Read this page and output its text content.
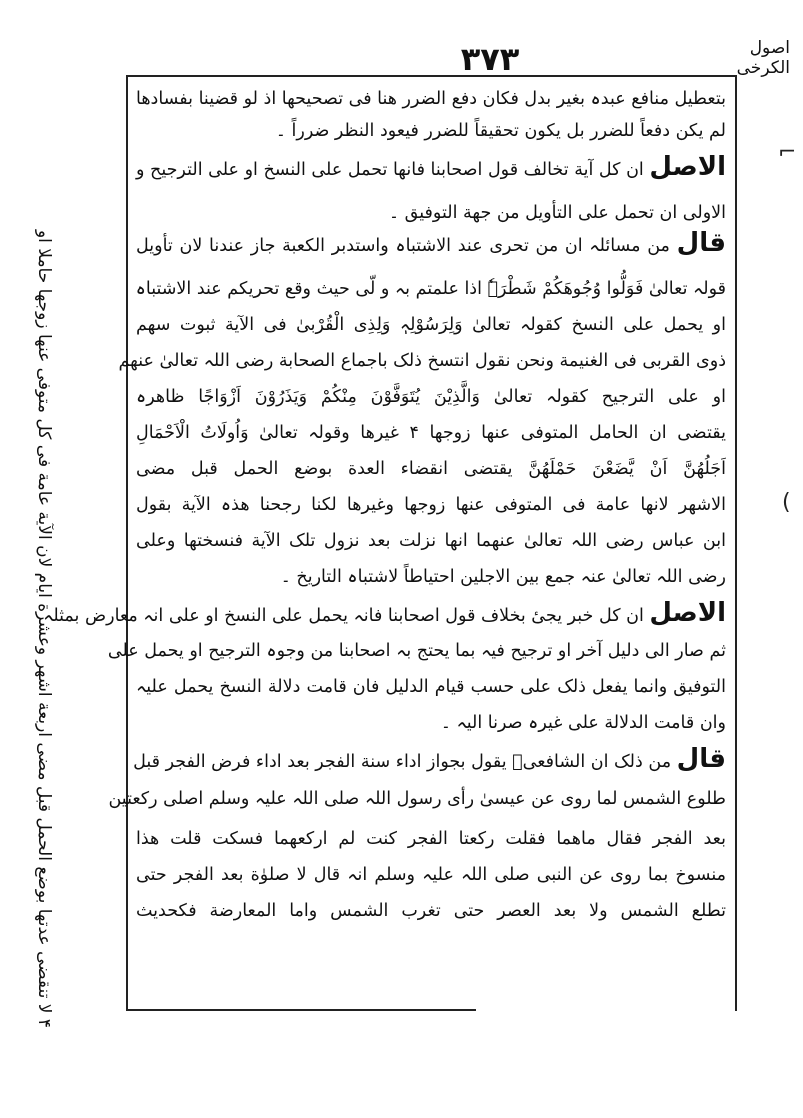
اصول الکرخی
۳۷۳
۴ لا تنقضی عدتها بوضع الحمل قبل مضی اربعة اشهر وعشرة ایام لان الآیة عامة فی کل متوفی عنها زوجها حاملا او
⌐
(
بتعطیل منافع عبدہ بغیر بدل فکان دفع الضرر ھنا فی تصحیحھا اذ لو قضینا بفسادھا
لم یکن دفعاً للضرر بل یکون تحقیقاً للضرر فیعود النظر ضرراً ۔
الاصل ان کل آیة تخالف قول اصحابنا فانھا تحمل علی النسخ او علی الترجیح و
الاولی ان تحمل علی التأویل من جھة التوفیق ۔
قال من مسائلہ ان من تحری عند الاشتباہ واستدبر الکعبة جاز عندنا لان تأویل
قولہ تعالیٰ فَوَلُّوا وُجُوھَکُمْ شَطْرَہٗ اذا علمتم بہ و لّی حیث وقع تحریکم عند الاشتباہ
او یحمل علی النسخ کقولہ تعالیٰ وَلِرَسُوْلِہٖ وَلِذِی الْقُرْبیٰ فی الآیة ثبوت سھم
ذوی القربی فی الغنیمة ونحن نقول انتسخ ذلک باجماع الصحابة رضی اللہ تعالیٰ عنھم
او علی الترجیح کقولہ تعالیٰ وَالَّذِیْنَ یُتَوَفَّوْنَ مِنْکُمْ وَیَذَرُوْنَ اَزْوَاجًا ظاھرہ
یقتضی ان الحامل المتوفی عنھا زوجھا ۴ غیرھا وقولہ تعالیٰ وَاُولَاتُ الْاَحْمَالِ
اَجَلُھُنَّ اَنْ یَّضَعْنَ حَمْلَھُنَّ یقتضی انقضاء العدة بوضع الحمل قبل مضی
الاشھر لانھا عامة فی المتوفی عنھا زوجھا وغیرھا لکنا رجحنا ھذہ الآیة بقول
ابن عباس رضی اللہ تعالیٰ عنھما انھا نزلت بعد نزول تلک الآیة فنسختھا وعلی
رضی اللہ تعالیٰ عنہ جمع بین الاجلین احتیاطاً لاشتباہ التاریخ ۔
الاصل ان کل خبر یجیٔ بخلاف قول اصحابنا فانہ یحمل علی النسخ او علی انہ معارض بمثلہ
ثم صار الی دلیل آخر او ترجیح فیہ بما یحتج بہ اصحابنا من وجوہ الترجیح او یحمل علی
التوفیق وانما یفعل ذلک علی حسب قیام الدلیل فان قامت دلالة النسخ یحمل علیہ
وان قامت الدلالة علی غیرہ صرنا الیہ ۔
قال من ذلک ان الشافعیؒ یقول بجواز اداء سنة الفجر بعد اداء فرض الفجر قبل
طلوع الشمس لما روی عن عیسیٰ رأی رسول اللہ صلی اللہ علیہ وسلم اصلی رکعتین
بعد الفجر فقال ماھما فقلت رکعتا الفجر کنت لم ارکعھما فسکت قلت ھذا
منسوخ بما روی عن النبی صلی اللہ علیہ وسلم انہ قال لا صلوٰة بعد الفجر حتی
تطلع الشمس ولا بعد العصر حتی تغرب الشمس واما المعارضة فکحدیث
